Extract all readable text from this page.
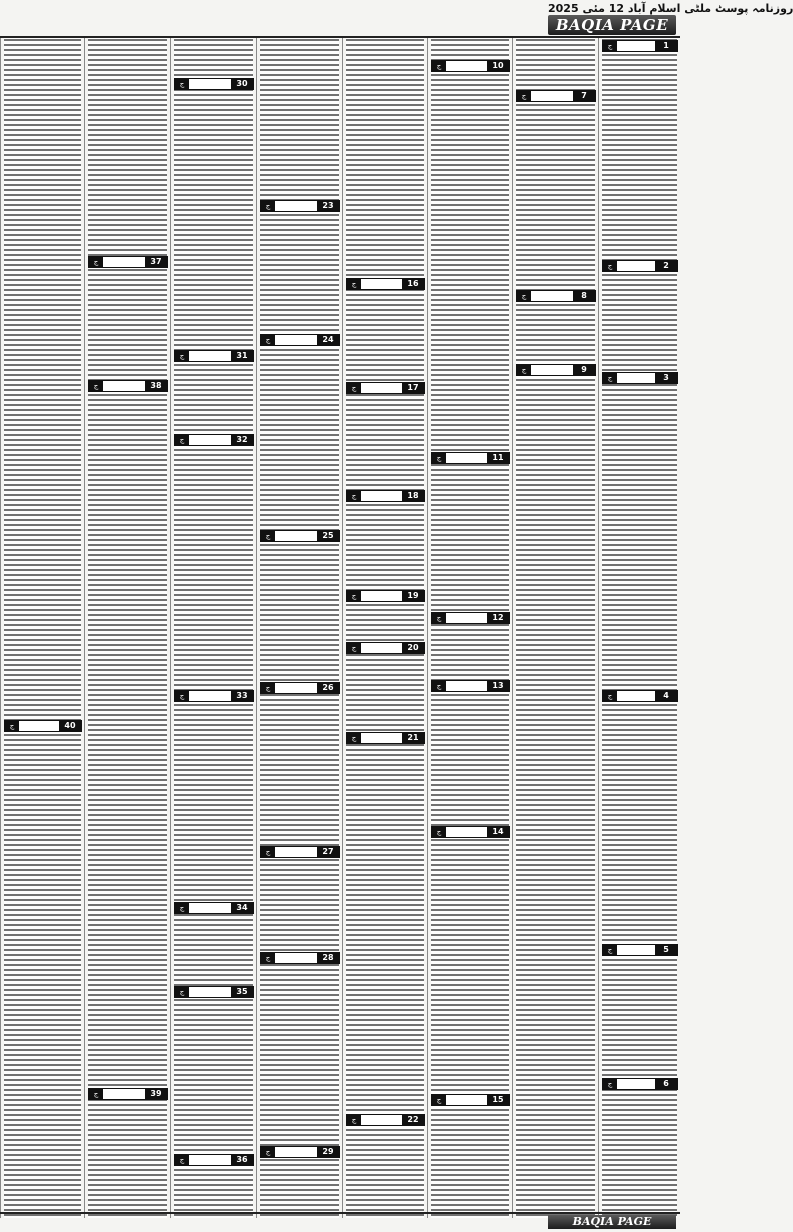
روزنامہ پوسٹ ملٹی اسلام آباد 12 مئی 2025
BAQIA PAGE
1
ج
2
ج
3
ج
4
ج
5
ج
6
ج
7
ج
8
ج
9
ج
10
ج
11
ج
12
ج
13
ج
14
ج
15
ج
16
ج
17
ج
18
ج
19
ج
20
ج
21
ج
22
ج
23
ج
24
ج
25
ج
26
ج
27
ج
28
ج
29
ج
30
ج
31
ج
32
ج
33
ج
34
ج
35
ج
36
ج
37
ج
38
ج
39
ج
40
ج
BAQIA PAGE
